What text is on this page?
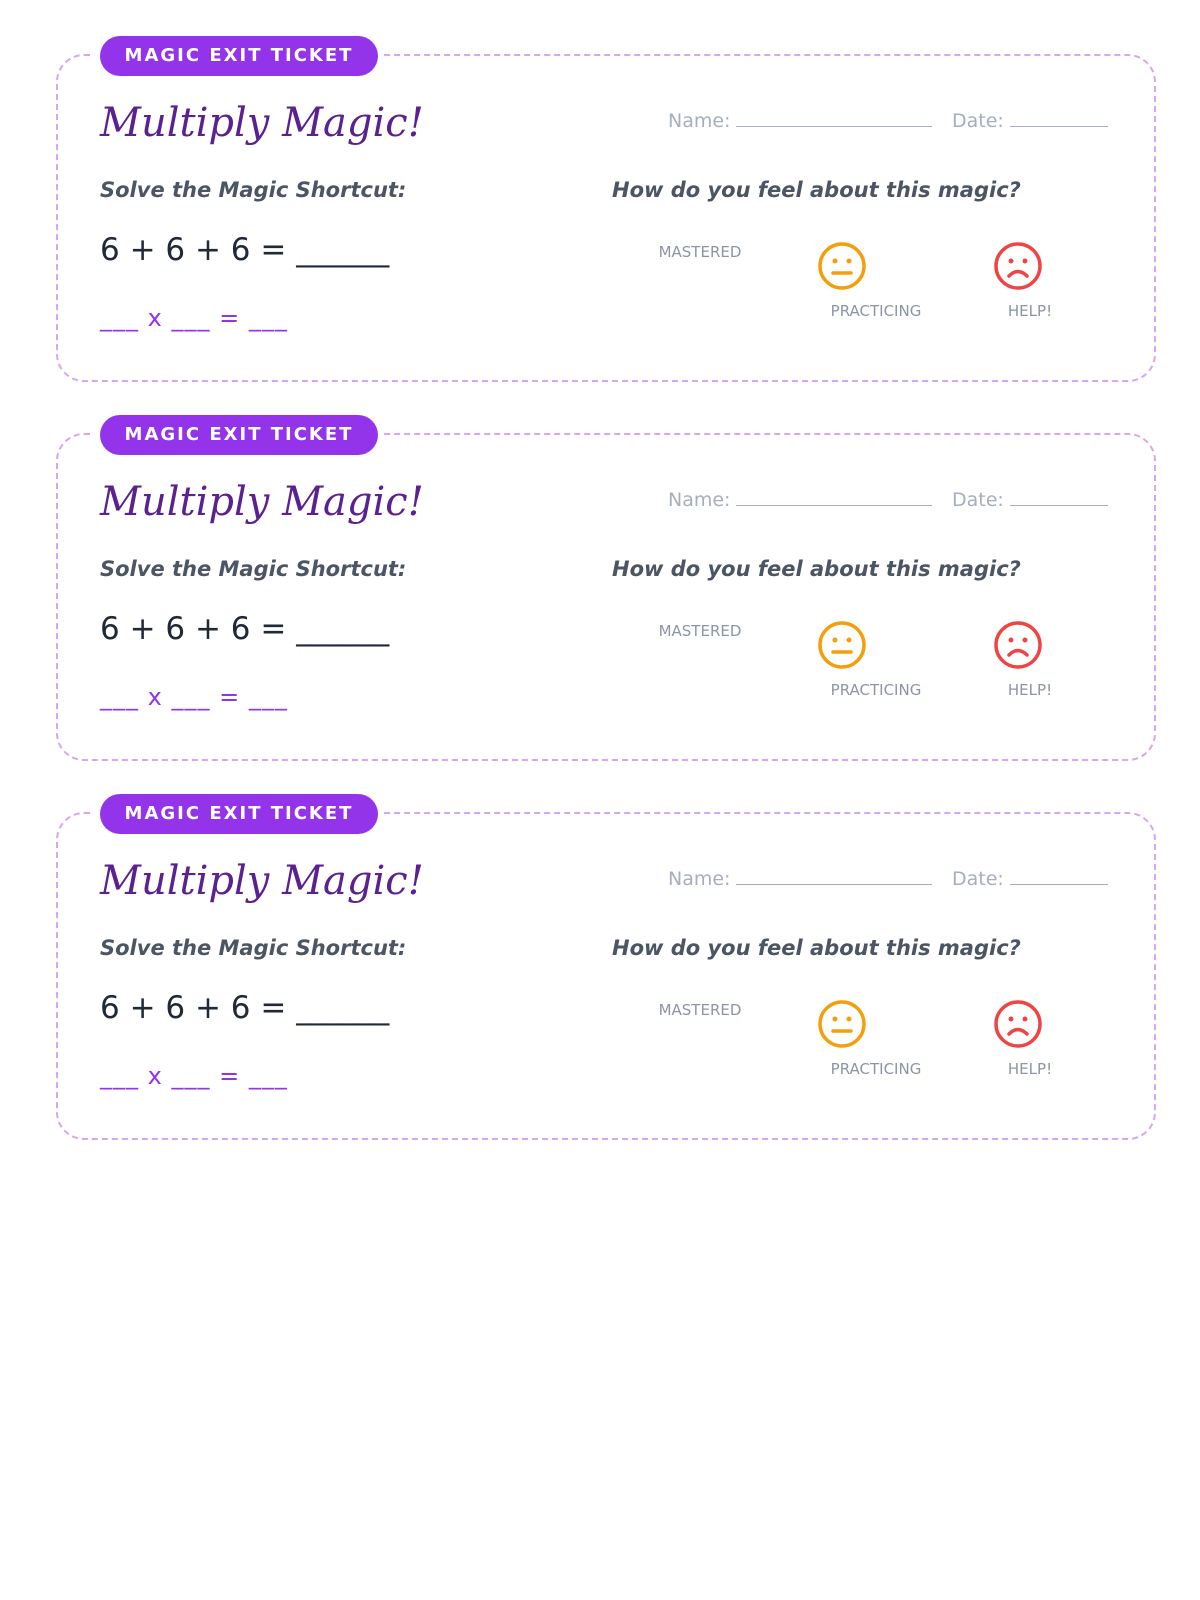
MAGIC EXIT TICKET
Multiply Magic!	Name:	Date:
Solve the Magic Shortcut:
6 + 6 + 6 = ______
___ x ___ = ___
How do you feel about this magic?
MASTERED
PRACTICING	HELP!
MAGIC EXIT TICKET
Multiply Magic!	Name:	Date:
Solve the Magic Shortcut:
6 + 6 + 6 = ______
___ x ___ = ___
How do you feel about this magic?
MASTERED
PRACTICING	HELP!
MAGIC EXIT TICKET
Multiply Magic!	Name:	Date:
Solve the Magic Shortcut:
6 + 6 + 6 = ______
___ x ___ = ___
How do you feel about this magic?
MASTERED
PRACTICING	HELP!
